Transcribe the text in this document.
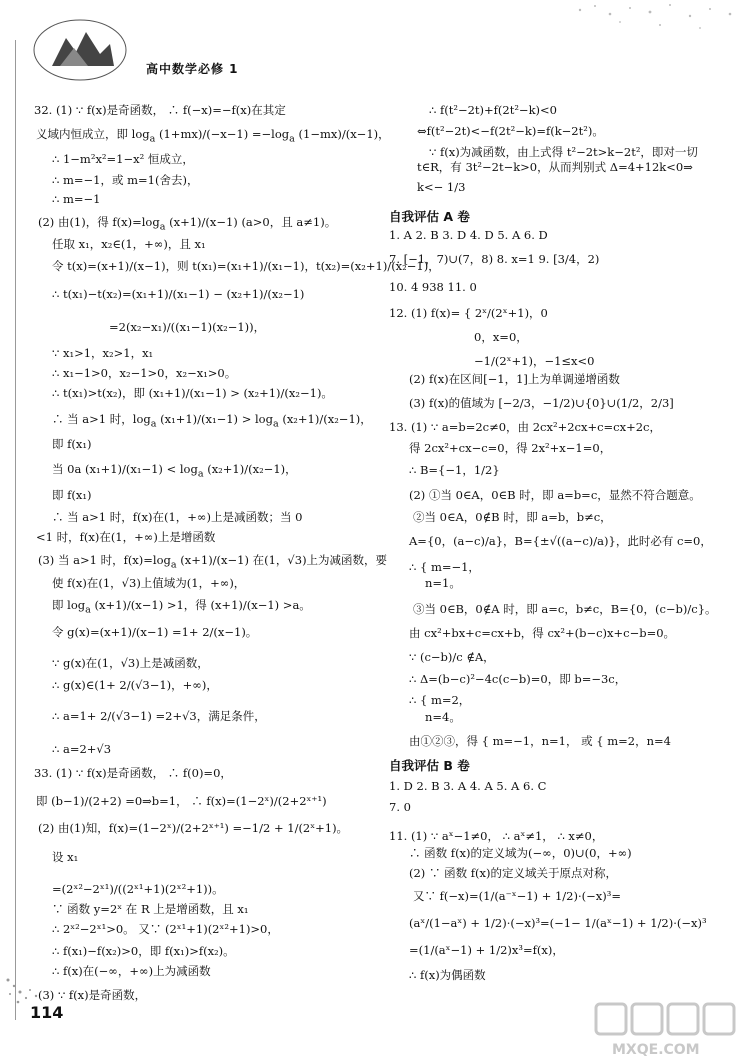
新课标 新课程
高中数学必修 1
32. (1) ∵ f(x)是奇函数， ∴ f(−x)=−f(x)在其定
义域内恒成立，即 $\log_a (1+mx)/(-x-1) =-\log_a$ (1−mx)/(x−1)，
∴ 1−m²x²=1−x² 恒成立，
∴ m=−1，或 m=1(舍去)，
∴ m=−1
(2) 由(1)，得 $f(x)=\log_a$ (x+1)/(x−1) (a>0，且 a≠1)。
任取 x₁，x₂∈(1，+∞)，且 x₁
令 t(x)=(x+1)/(x−1)，则 t(x₁)=(x₁+1)/(x₁−1)，t(x₂)=(x₂+1)/(x₂−1)，
∴ t(x₁)−t(x₂)=(x₁+1)/(x₁−1) − (x₂+1)/(x₂−1)
=2(x₂−x₁)/((x₁−1)(x₂−1))，
∵ x₁>1，x₂>1，x₁
∴ x₁−1>0，x₂−1>0，x₂−x₁>0。
∴ t(x₁)>t(x₂)，即 (x₁+1)/(x₁−1) > (x₂+1)/(x₂−1)。
∴ 当 a>1 时，$\log_a (x_1+1)/(x_1-1) > \log_a (x_2+1)/(x_2-1)$，
即 f(x₁)
当 0a $(x_1+1)/(x_1-1) < \log_a (x_2+1)/(x_2-1)$，
即 f(x₁)
∴ 当 a>1 时，f(x)在(1，+∞)上是减函数；当 0
<1 时，f(x)在(1，+∞)上是增函数
(3) 当 a>1 时，$f(x)=\log_a$ (x+1)/(x−1) 在(1，√3)上为减函数，要
使 f(x)在(1，√3)上值域为(1，+∞)，
即 $\log_a (x+1)/(x-1) >1$，得 (x+1)/(x−1) >a。
令 g(x)=(x+1)/(x−1) =1+ 2/(x−1)。
∵ g(x)在(1，√3)上是减函数，
∴ g(x)∈(1+ 2/(√3−1)，+∞)，
∴ a=1+ 2/(√3−1) =2+√3，满足条件，
∴ a=2+√3
33. (1) ∵ f(x)是奇函数， ∴ f(0)=0，
即 (b−1)/(2+2) =0⇒b=1， ∴ f(x)=(1−2ˣ)/(2+2ˣ⁺¹)
(2) 由(1)知，f(x)=(1−2ˣ)/(2+2ˣ⁺¹) =−1/2 + 1/(2ˣ+1)。
设 x₁
=(2ˣ²−2ˣ¹)/((2ˣ¹+1)(2ˣ²+1))。
∵ 函数 y=2ˣ 在 R 上是增函数，且 x₁
∴ 2ˣ²−2ˣ¹>0。 又∵ (2ˣ¹+1)(2ˣ²+1)>0，
∴ f(x₁)−f(x₂)>0，即 f(x₁)>f(x₂)。
∴ f(x)在(−∞，+∞)上为减函数
(3) ∵ f(x)是奇函数，
∴ f(t²−2t)+f(2t²−k)<0
⇔f(t²−2t)<−f(2t²−k)=f(k−2t²)。
∵ f(x)为减函数，由上式得 t²−2t>k−2t²，即对一切
t∈R，有 3t²−2t−k>0，从而判别式 Δ=4+12k<0⇒
k<− 1/3
1. A 2. B 3. D 4. D 5. A 6. D
7. [−1，7)∪(7，8) 8. x=1 9. [3/4，2)
10. 4 938 11. 0
12. (1) f(x)= { 2ˣ/(2ˣ+1)，0
0，x=0，
−1/(2ˣ+1)，−1≤x<0
(2) f(x)在区间[−1，1]上为单调递增函数
(3) f(x)的值域为 [−2/3，−1/2)∪{0}∪(1/2，2/3]
13. (1) ∵ a=b=2c≠0，由 2cx²+2cx+c=cx+2c，
得 2cx²+cx−c=0，得 2x²+x−1=0，
∴ B={−1，1/2}
(2) ①当 0∈A，0∈B 时，即 a=b=c，显然不符合题意。
②当 0∈A，0∉B 时，即 a=b，b≠c，
A={0，(a−c)/a}，B={±√((a−c)/a)}，此时必有 c=0，
∴ { m=−1，
n=1。
③当 0∈B，0∉A 时，即 a=c，b≠c，B={0，(c−b)/c}。
由 cx²+bx+c=cx+b，得 cx²+(b−c)x+c−b=0。
∵ (c−b)/c ∉A，
∴ Δ=(b−c)²−4c(c−b)=0，即 b=−3c，
∴ { m=2，
n=4。
由①②③，得 { m=−1，n=1， 或 { m=2，n=4
1. D 2. B 3. A 4. A 5. A 6. C
7. 0
11. (1) ∵ aˣ−1≠0， ∴ aˣ≠1， ∴ x≠0，
∴ 函数 f(x)的定义域为(−∞，0)∪(0，+∞)
(2) ∵ 函数 f(x)的定义域关于原点对称，
又∵ f(−x)=(1/(a⁻ˣ−1) + 1/2)·(−x)³=
(aˣ/(1−aˣ) + 1/2)·(−x)³=(−1− 1/(aˣ−1) + 1/2)·(−x)³
=(1/(aˣ−1) + 1/2)x³=f(x)，
∴ f(x)为偶函数
自我评估 A 卷
自我评估 B 卷
114
MXQE.COM
